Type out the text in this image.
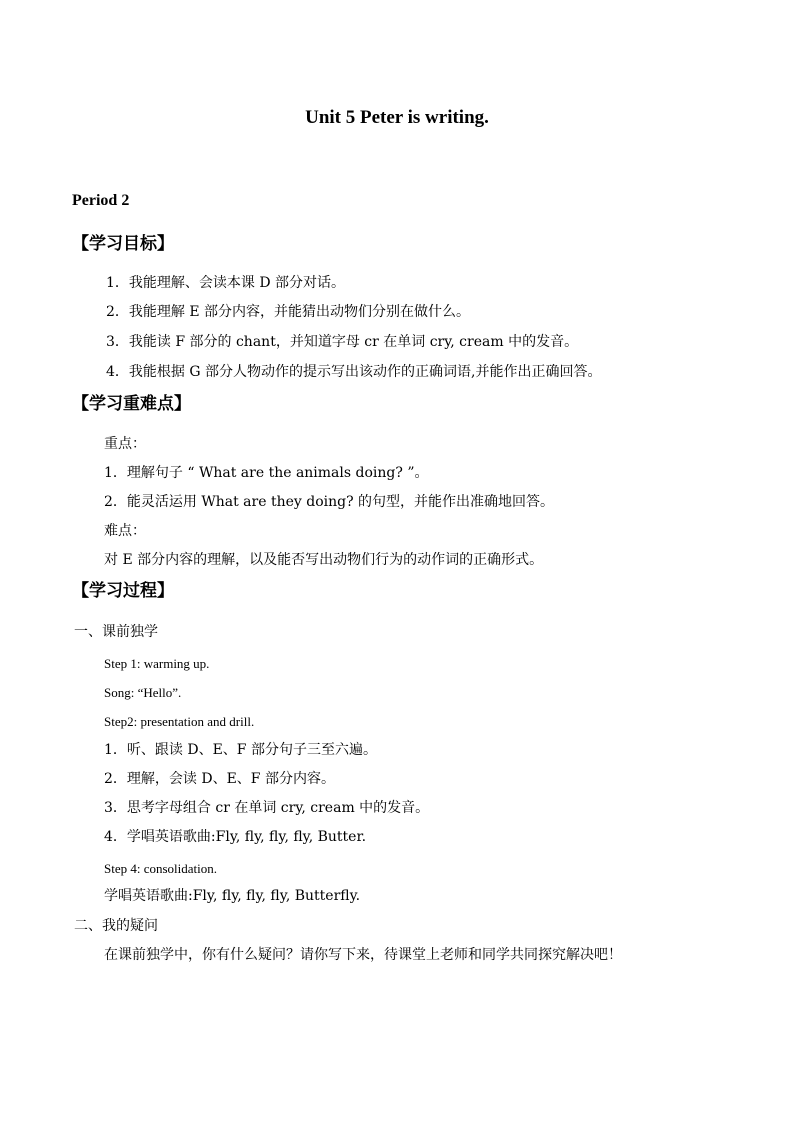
Unit 5 Peter is writing.
Period 2
【学习目标】
1．我能理解、会读本课 D 部分对话。
2．我能理解 E 部分内容，并能猜出动物们分别在做什么。
3．我能读 F 部分的 chant，并知道字母 cr 在单词 cry, cream 中的发音。
4．我能根据 G 部分人物动作的提示写出该动作的正确词语,并能作出正确回答。
【学习重难点】
重点：
1．理解句子 “ What are the animals doing? ”。
2．能灵活运用 What are they doing? 的句型，并能作出准确地回答。
难点：
对 E 部分内容的理解，以及能否写出动物们行为的动作词的正确形式。
【学习过程】
一、课前独学
Step 1: warming up.
Song: “Hello”.
Step2: presentation and drill.
1．听、跟读 D、E、F 部分句子三至六遍。
2．理解，会读 D、E、F 部分内容。
3．思考字母组合 cr 在单词 cry, cream 中的发音。
4．学唱英语歌曲:Fly, fly, fly, fly, Butter.
Step 4: consolidation.
学唱英语歌曲:Fly, fly, fly, fly, Butterfly.
二、我的疑问
在课前独学中，你有什么疑问？请你写下来，待课堂上老师和同学共同探究解决吧！
